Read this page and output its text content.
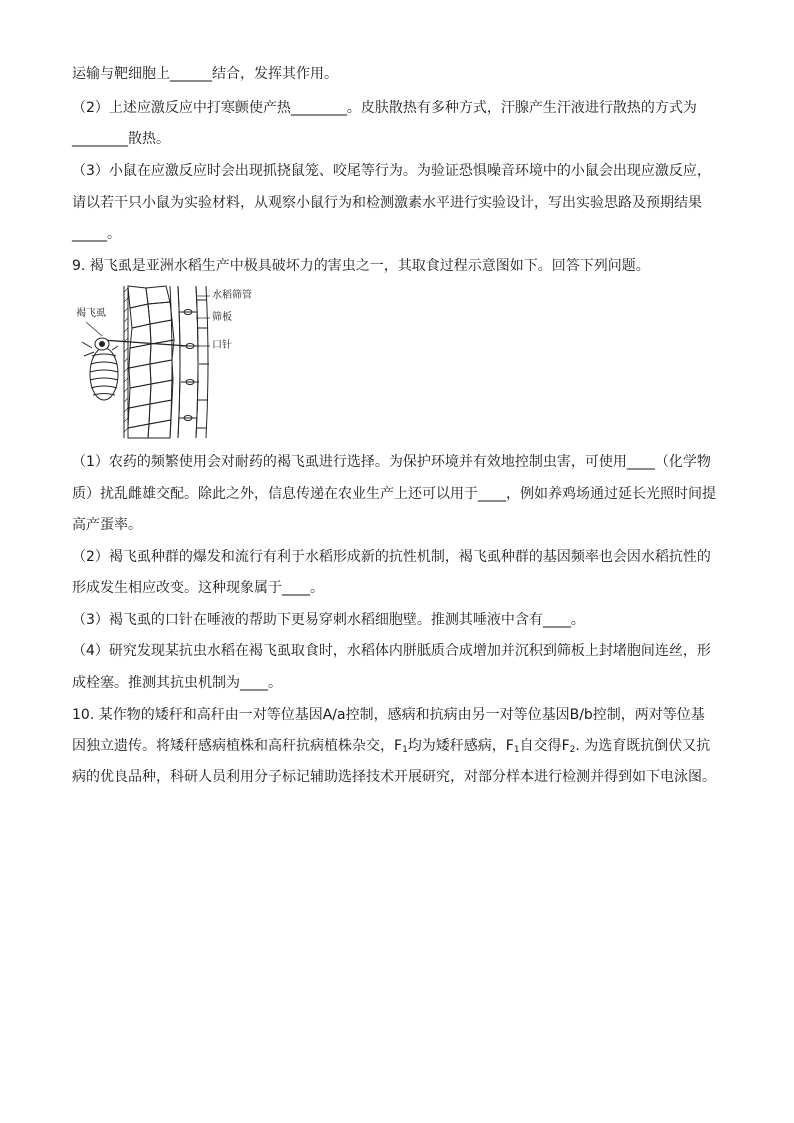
运输与靶细胞上______结合，发挥其作用。
（2）上述应激反应中打寒颤使产热________。皮肤散热有多种方式，汗腺产生汗液进行散热的方式为
________散热。
（3）小鼠在应激反应时会出现抓挠鼠笼、咬尾等行为。为验证恐惧噪音环境中的小鼠会出现应激反应，
请以若干只小鼠为实验材料，从观察小鼠行为和检测激素水平进行实验设计，写出实验思路及预期结果
_____。
9. 褐飞虱是亚洲水稻生产中极具破坏力的害虫之一，其取食过程示意图如下。回答下列问题。
褐飞虱
水稻筛管
筛板
口针
（1）农药的频繁使用会对耐药的褐飞虱进行选择。为保护环境并有效地控制虫害，可使用____（化学物
质）扰乱雌雄交配。除此之外，信息传递在农业生产上还可以用于____，例如养鸡场通过延长光照时间提
高产蛋率。
（2）褐飞虱种群的爆发和流行有利于水稻形成新的抗性机制，褐飞虱种群的基因频率也会因水稻抗性的
形成发生相应改变。这种现象属于____。
（3）褐飞虱的口针在唾液的帮助下更易穿刺水稻细胞壁。推测其唾液中含有____。
（4）研究发现某抗虫水稻在褐飞虱取食时，水稻体内胼胝质合成增加并沉积到筛板上封堵胞间连丝，形
成栓塞。推测其抗虫机制为____。
10. 某作物的矮秆和高秆由一对等位基因A/a控制，感病和抗病由另一对等位基因B/b控制，两对等位基
因独立遗传。将矮秆感病植株和高秆抗病植株杂交，$F_1$均为矮秆感病，$F_1$自交得$F_2$. 为选育既抗倒伏又抗
病的优良品种，科研人员利用分子标记辅助选择技术开展研究，对部分样本进行检测并得到如下电泳图。
